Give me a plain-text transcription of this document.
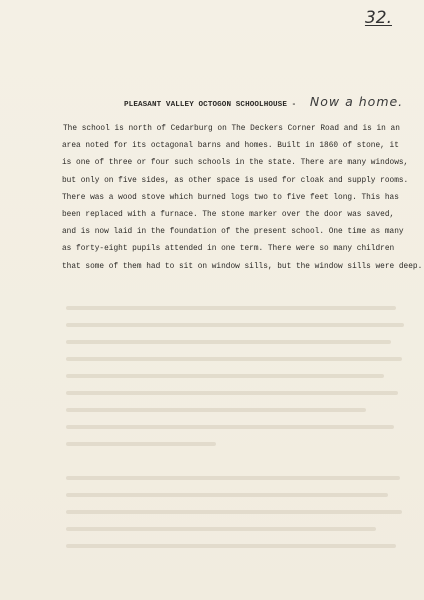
32.
PLEASANT VALLEY OCTOGON SCHOOLHOUSE - Now a home.
The school is north of Cedarburg on The Deckers Corner Road and is in an
area noted for its octagonal barns and homes. Built in 1860 of stone, it
is one of three or four such schools in the state. There are many windows,
but only on five sides, as other space is used for cloak and supply rooms.
There was a wood stove which burned logs two to five feet long. This has
been replaced with a furnace. The stone marker over the door was saved,
and is now laid in the foundation of the present school. One time as many
as forty-eight pupils attended in one term. There were so many children
that some of them had to sit on window sills, but the window sills were deep.
